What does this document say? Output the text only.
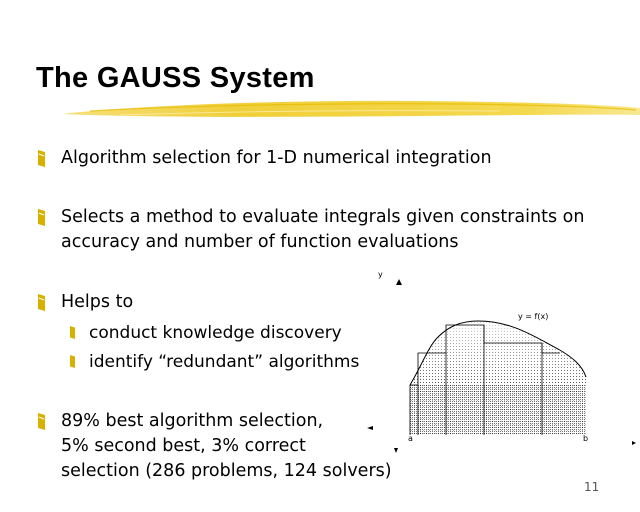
The GAUSS System
Algorithm selection for 1-D numerical integration
Selects a method to evaluate integrals given constraints on
accuracy and number of function evaluations
Helps to
conduct knowledge discovery
identify “redundant” algorithms
89% best algorithm selection,
5% second best, 3% correct
selection (286 problems, 124 solvers)
y
y = f(x)
a	b
11
